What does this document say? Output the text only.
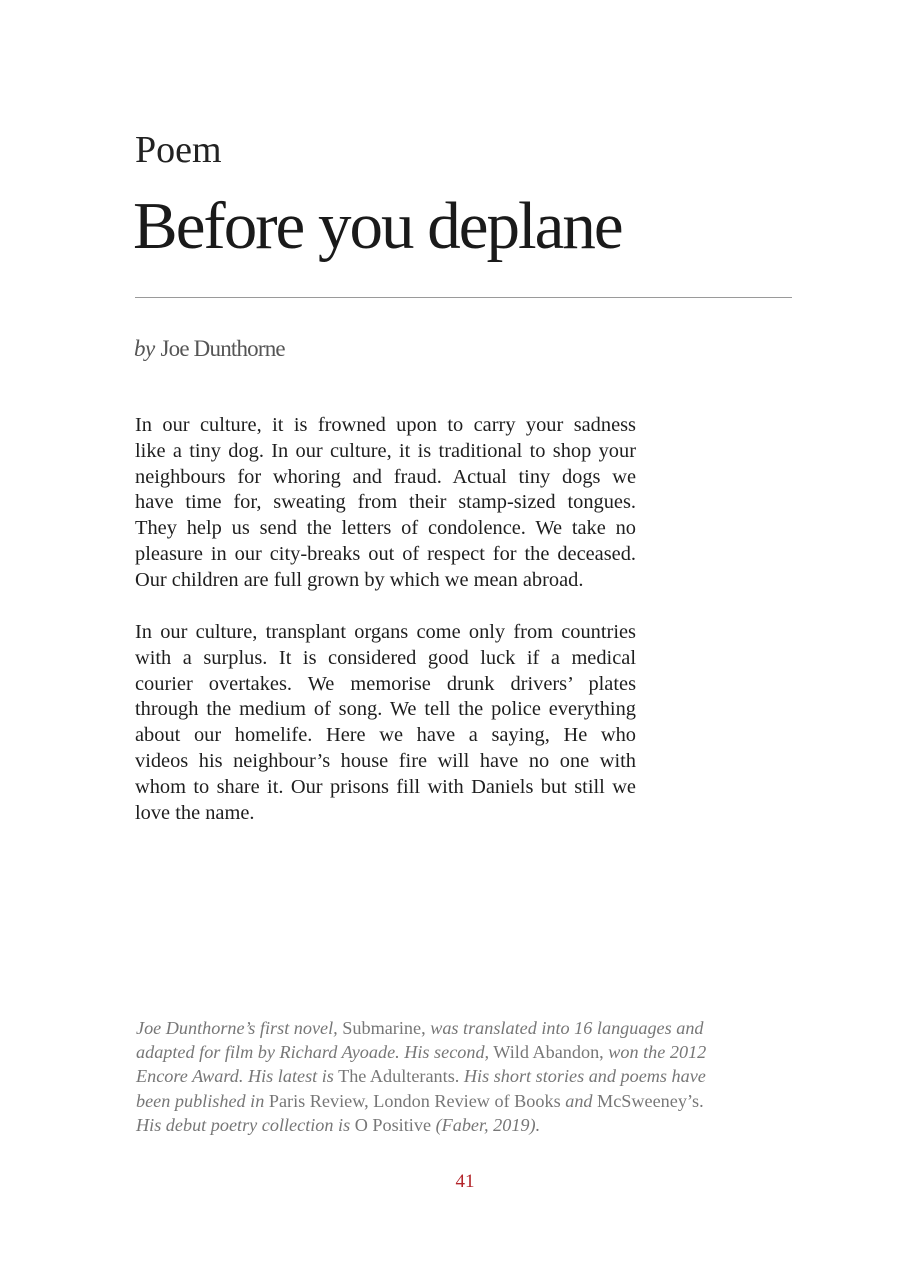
Poem
Before you deplane
by Joe Dunthorne
In our culture, it is frowned upon to carry your sadness
like a tiny dog. In our culture, it is traditional to shop your
neighbours for whoring and fraud. Actual tiny dogs we
have time for, sweating from their stamp-sized tongues.
They help us send the letters of condolence. We take no
pleasure in our city-breaks out of respect for the deceased.
Our children are full grown by which we mean abroad.
In our culture, transplant organs come only from countries
with a surplus. It is considered good luck if a medical
courier overtakes. We memorise drunk drivers’ plates
through the medium of song. We tell the police everything
about our homelife. Here we have a saying, He who
videos his neighbour’s house fire will have no one with
whom to share it. Our prisons fill with Daniels but still we
love the name.
Joe Dunthorne’s first novel, Submarine, was translated into 16 languages and
adapted for film by Richard Ayoade. His second, Wild Abandon, won the 2012
Encore Award. His latest is The Adulterants. His short stories and poems have
been published in Paris Review, London Review of Books and McSweeney’s.
His debut poetry collection is O Positive (Faber, 2019).
41
